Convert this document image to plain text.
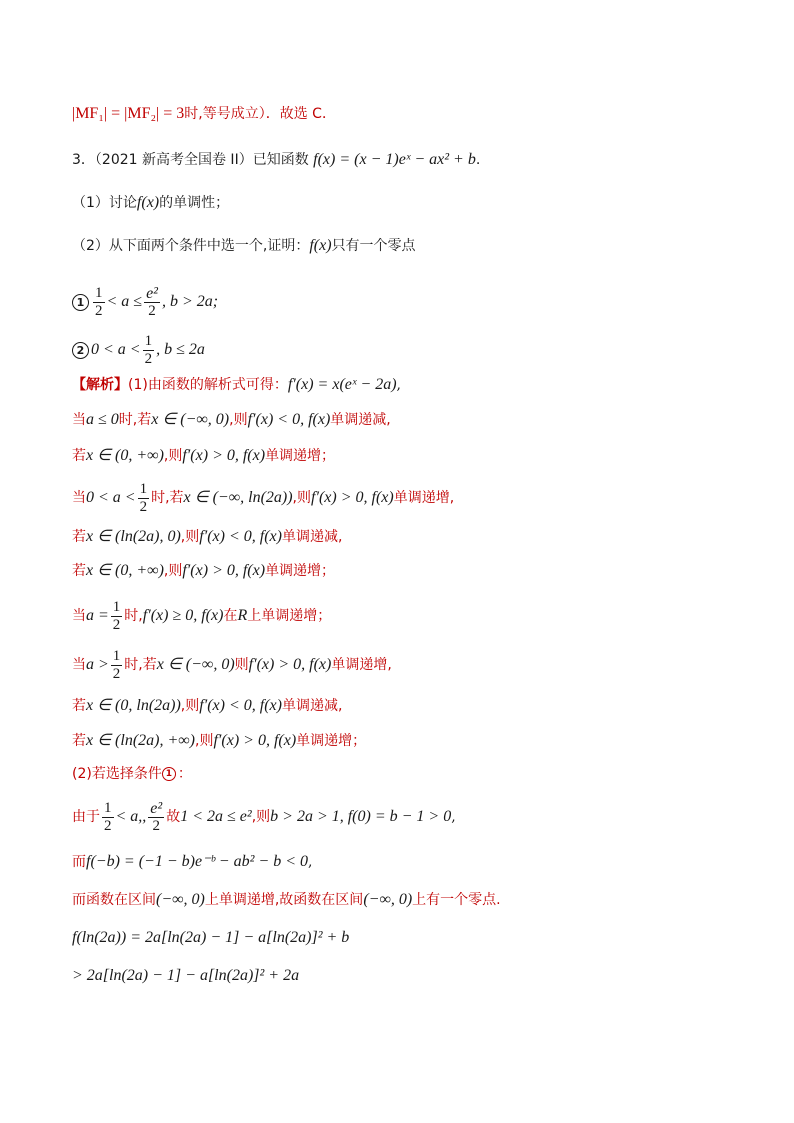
|MF₁| = |MF₂| = 3时,等号成立）．故选 C．
3．（2021 新高考全国卷 II）已知函数 f(x) = (x − 1)eˣ − ax² + b.
（1）讨论f(x)的单调性；
（2）从下面两个条件中选一个,证明：f(x)只有一个零点
$1 \frac{1}{2} < a \le \frac{\text{e²}}{2}$ , b > 2a;
2 $0 < a < \frac{1}{2}$ , b ≤ 2a
【解析】(1)由函数的解析式可得：f′(x) = x(eˣ − 2a),
当a ≤ 0时,若x ∈ (−∞, 0),则f′(x) < 0, f(x)单调递减,
若x ∈ (0, +∞),则f′(x) > 0, f(x)单调递增；
当$0 < a < \frac{1}{2}$ 时,若x ∈ (−∞, ln(2a)),则f′(x) > 0, f(x)单调递增,
若x ∈ (ln(2a), 0),则f′(x) < 0, f(x)单调递减,
若x ∈ (0, +∞),则f′(x) > 0, f(x)单调递增；
当$a = \frac{1}{2}$ 时,f′(x) ≥ 0, f(x)在R上单调递增；
当$a > \frac{1}{2}$ 时,若x ∈ (−∞, 0)则f′(x) > 0, f(x)单调递增,
若x ∈ (0, ln(2a)),则f′(x) < 0, f(x)单调递减,
若x ∈ (ln(2a), +∞),则f′(x) > 0, f(x)单调递增；
(2)若选择条件 1 ：
由于 $\frac{1}{2} < a$,, $\frac{\text{e²}}{2}$ 故1 < 2a ≤ e²,则b > 2a > 1, f(0) = b − 1 > 0,
而f(−b) = (−1 − b)e⁻ᵇ − ab² − b < 0,
而函数在区间(−∞, 0)上单调递增,故函数在区间(−∞, 0)上有一个零点.
f(ln(2a)) = 2a[ln(2a) − 1] − a[ln(2a)]² + b
> 2a[ln(2a) − 1] − a[ln(2a)]² + 2a
